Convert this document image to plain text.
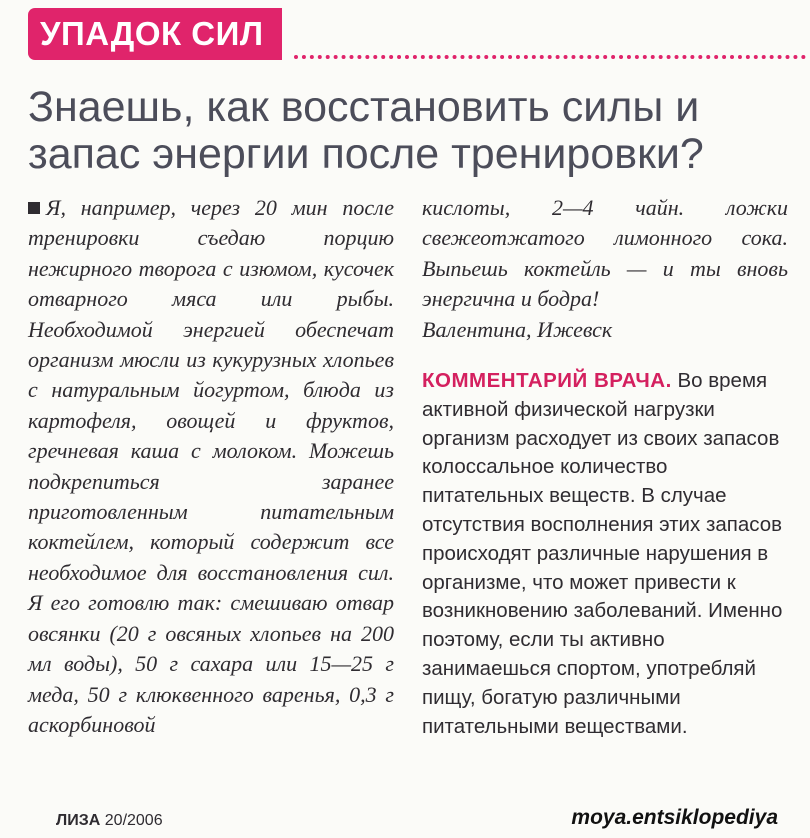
УПАДОК СИЛ
Знаешь, как восстановить силы и запас энергии после тренировки?
Я, например, через 20 мин после тренировки съедаю порцию нежирного творога с изюмом, кусочек отварного мяса или рыбы. Необходимой энергией обеспечат организм мюсли из кукурузных хлопьев с натуральным йогуртом, блюда из картофеля, овощей и фруктов, гречневая каша с молоком. Можешь подкрепиться заранее приготовленным питательным коктейлем, который содержит все необходимое для восстановления сил. Я его готовлю так: смешиваю отвар овсянки (20 г овсяных хлопьев на 200 мл воды), 50 г сахара или 15—25 г меда, 50 г клюквенного варенья, 0,3 г аскорбиновой
кислоты, 2—4 чайн. ложки свежеотжатого лимонного сока. Выпьешь коктейль — и ты вновь энергична и бодра!
Валентина, Ижевск
КОММЕНТАРИЙ ВРАЧА. Во время активной физической нагрузки организм расходует из своих запасов колоссальное количество питательных веществ. В случае отсутствия восполнения этих запасов происходят различные нарушения в организме, что может привести к возникновению заболеваний. Именно поэтому, если ты активно занимаешься спортом, употребляй пищу, богатую различными питательными веществами.
ЛИЗА 20/2006	moya.entsiklopediya
